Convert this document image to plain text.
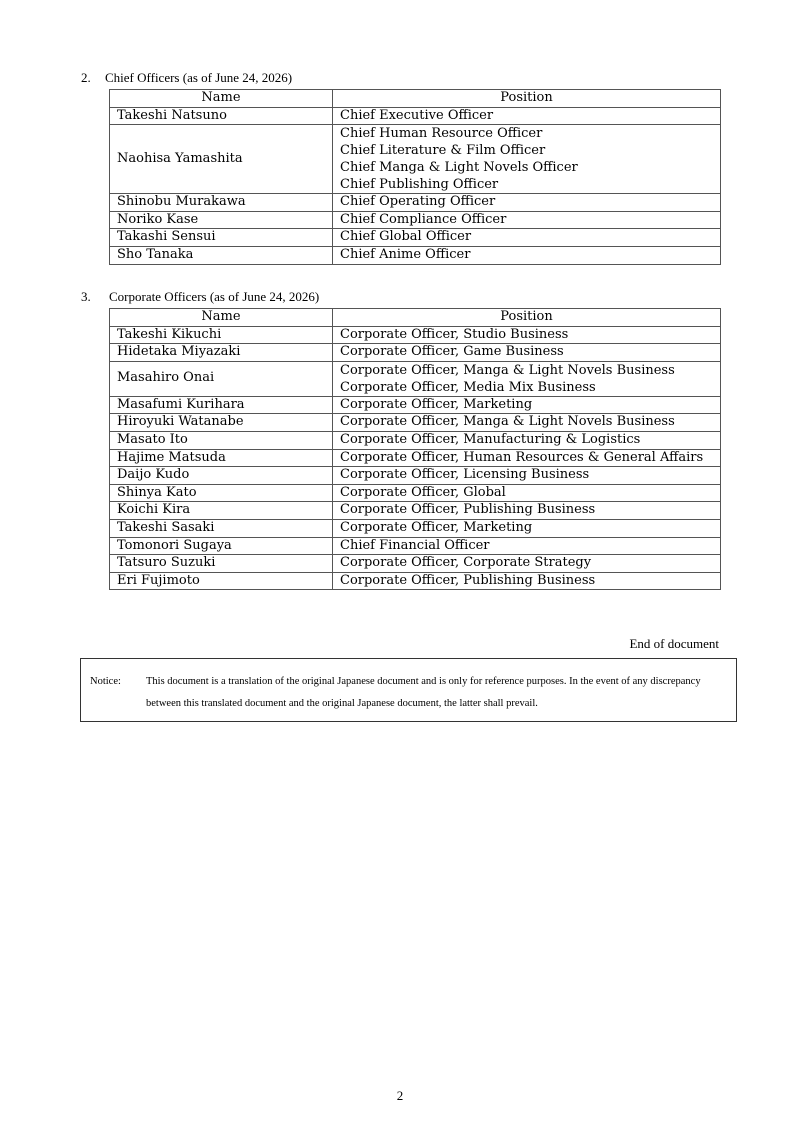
2. Chief Officers (as of June 24, 2026)
Name	Position
Takeshi Natsuno	Chief Executive Officer

Naohisa Yamashita	Chief Human Resource Officer
Chief Literature & Film Officer
Chief Manga & Light Novels Officer
Chief Publishing Officer

Shinobu Murakawa	Chief Operating Officer

Noriko Kase	Chief Compliance Officer

Takashi Sensui	Chief Global Officer

Sho Tanaka	Chief Anime Officer
3. Corporate Officers (as of June 24, 2026)
Name	Position
Takeshi Kikuchi	Corporate Officer, Studio Business

Hidetaka Miyazaki	Corporate Officer, Game Business

Masahiro Onai	Corporate Officer, Manga & Light Novels Business
Corporate Officer, Media Mix Business

Masafumi Kurihara	Corporate Officer, Marketing

Hiroyuki Watanabe	Corporate Officer, Manga & Light Novels Business

Masato Ito	Corporate Officer, Manufacturing & Logistics

Hajime Matsuda	Corporate Officer, Human Resources & General Affairs

Daijo Kudo	Corporate Officer, Licensing Business

Shinya Kato	Corporate Officer, Global

Koichi Kira	Corporate Officer, Publishing Business

Takeshi Sasaki	Corporate Officer, Marketing

Tomonori Sugaya	Chief Financial Officer

Tatsuro Suzuki	Corporate Officer, Corporate Strategy

Eri Fujimoto	Corporate Officer, Publishing Business
End of document
Notice: This document is a translation of the original Japanese document and is only for reference purposes. In the event of any discrepancy between this translated document and the original Japanese document, the latter shall prevail.
2
